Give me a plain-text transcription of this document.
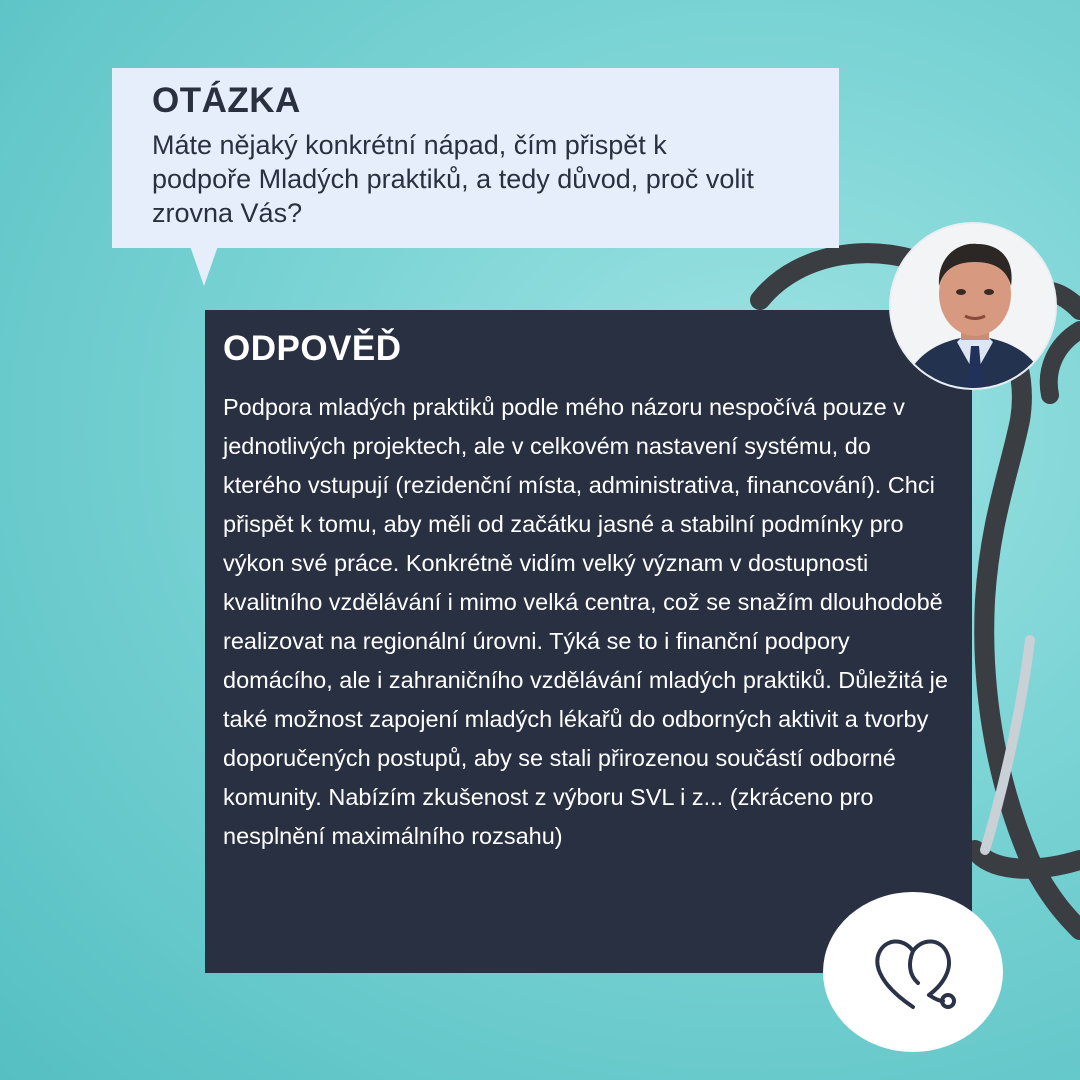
OTÁZKA
Máte nějaký konkrétní nápad, čím přispět k podpoře Mladých praktiků, a tedy důvod, proč volit zrovna Vás?
ODPOVĚĎ
Podpora mladých praktiků podle mého názoru nespočívá pouze v jednotlivých projektech, ale v celkovém nastavení systému, do kterého vstupují (rezidenční místa, administrativa, financování). Chci přispět k tomu, aby měli od začátku jasné a stabilní podmínky pro výkon své práce. Konkrétně vidím velký význam v dostupnosti kvalitního vzdělávání i mimo velká centra, což se snažím dlouhodobě realizovat na regionální úrovni. Týká se to i finanční podpory domácího, ale i zahraničního vzdělávání mladých praktiků. Důležitá je také možnost zapojení mladých lékařů do odborných aktivit a tvorby doporučených postupů, aby se stali přirozenou součástí odborné komunity. Nabízím zkušenost z výboru SVL i z... (zkráceno pro nesplnění maximálního rozsahu)
